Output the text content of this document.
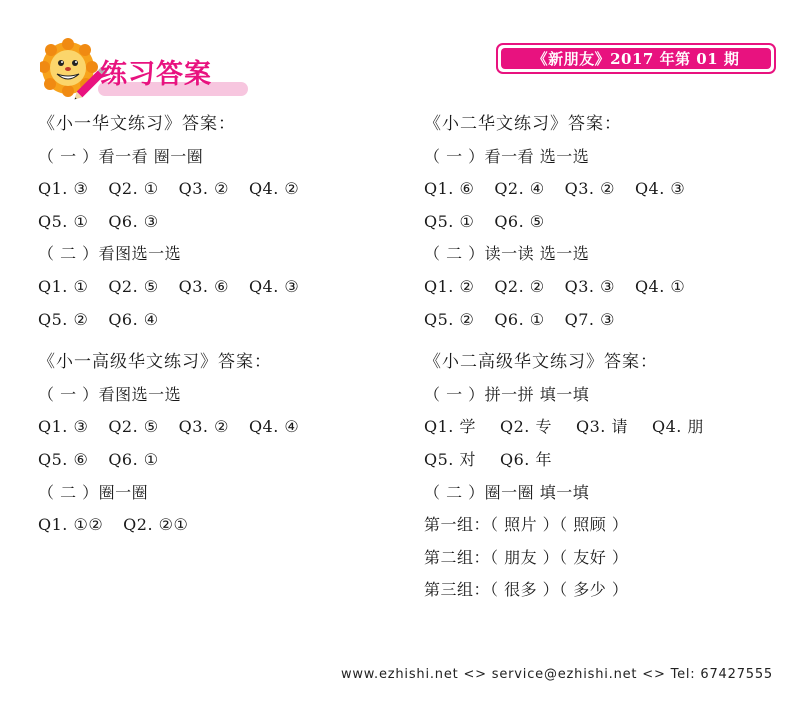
练习答案	《新朋友》2017 年第 01 期
《小一华文练习》答案：
（ 一 ）看一看 圈一圈
Q1. ③ Q2. ① Q3. ② Q4. ②
Q5. ① Q6. ③
（ 二 ）看图选一选
Q1. ① Q2. ⑤ Q3. ⑥ Q4. ③
Q5. ② Q6. ④
《小一高级华文练习》答案：
（ 一 ）看图选一选
Q1. ③ Q2. ⑤ Q3. ② Q4. ④
Q5. ⑥ Q6. ①
（ 二 ）圈一圈
Q1. ①② Q2. ②①
《小二华文练习》答案：
（ 一 ）看一看 选一选
Q1. ⑥ Q2. ④ Q3. ② Q4. ③
Q5. ① Q6. ⑤
（ 二 ）读一读 选一选
Q1. ② Q2. ② Q3. ③ Q4. ①
Q5. ② Q6. ① Q7. ③
《小二高级华文练习》答案：
（ 一 ）拼一拼 填一填
Q1. 学 Q2. 专 Q3. 请 Q4. 朋
Q5. 对 Q6. 年
（ 二 ）圈一圈 填一填
第一组：（ 照片 ）（ 照顾 ）
第二组：（ 朋友 ）（ 友好 ）
第三组：（ 很多 ）（ 多少 ）
www.ezhishi.net <> service@ezhishi.net <> Tel: 67427555
